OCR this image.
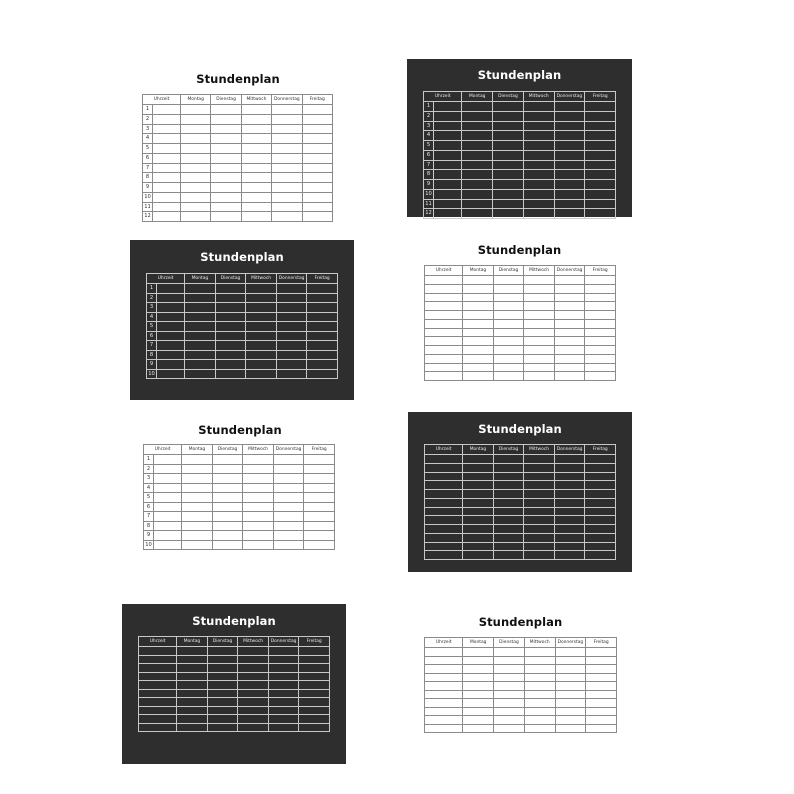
Stundenplan
Uhrzeit	Montag	Dienstag	Mittwoch	Donnerstag	Freitag
1					
2					
3					
4					
5					
6					
7					
8					
9					
10					
11					
12					
Stundenplan
Uhrzeit	Montag	Dienstag	Mittwoch	Donnerstag	Freitag
1					
2					
3					
4					
5					
6					
7					
8					
9					
10					
11					
12					
Stundenplan
Uhrzeit	Montag	Dienstag	Mittwoch	Donnerstag	Freitag
1					
2					
3					
4					
5					
6					
7					
8					
9					
10					
Stundenplan
Uhrzeit	Montag	Dienstag	Mittwoch	Donnerstag	Freitag

Stundenplan
Uhrzeit	Montag	Dienstag	Mittwoch	Donnerstag	Freitag
1					
2					
3					
4					
5					
6					
7					
8					
9					
10					
Stundenplan
Uhrzeit	Montag	Dienstag	Mittwoch	Donnerstag	Freitag

Stundenplan
Uhrzeit	Montag	Dienstag	Mittwoch	Donnerstag	Freitag

Stundenplan
Uhrzeit	Montag	Dienstag	Mittwoch	Donnerstag	Freitag
